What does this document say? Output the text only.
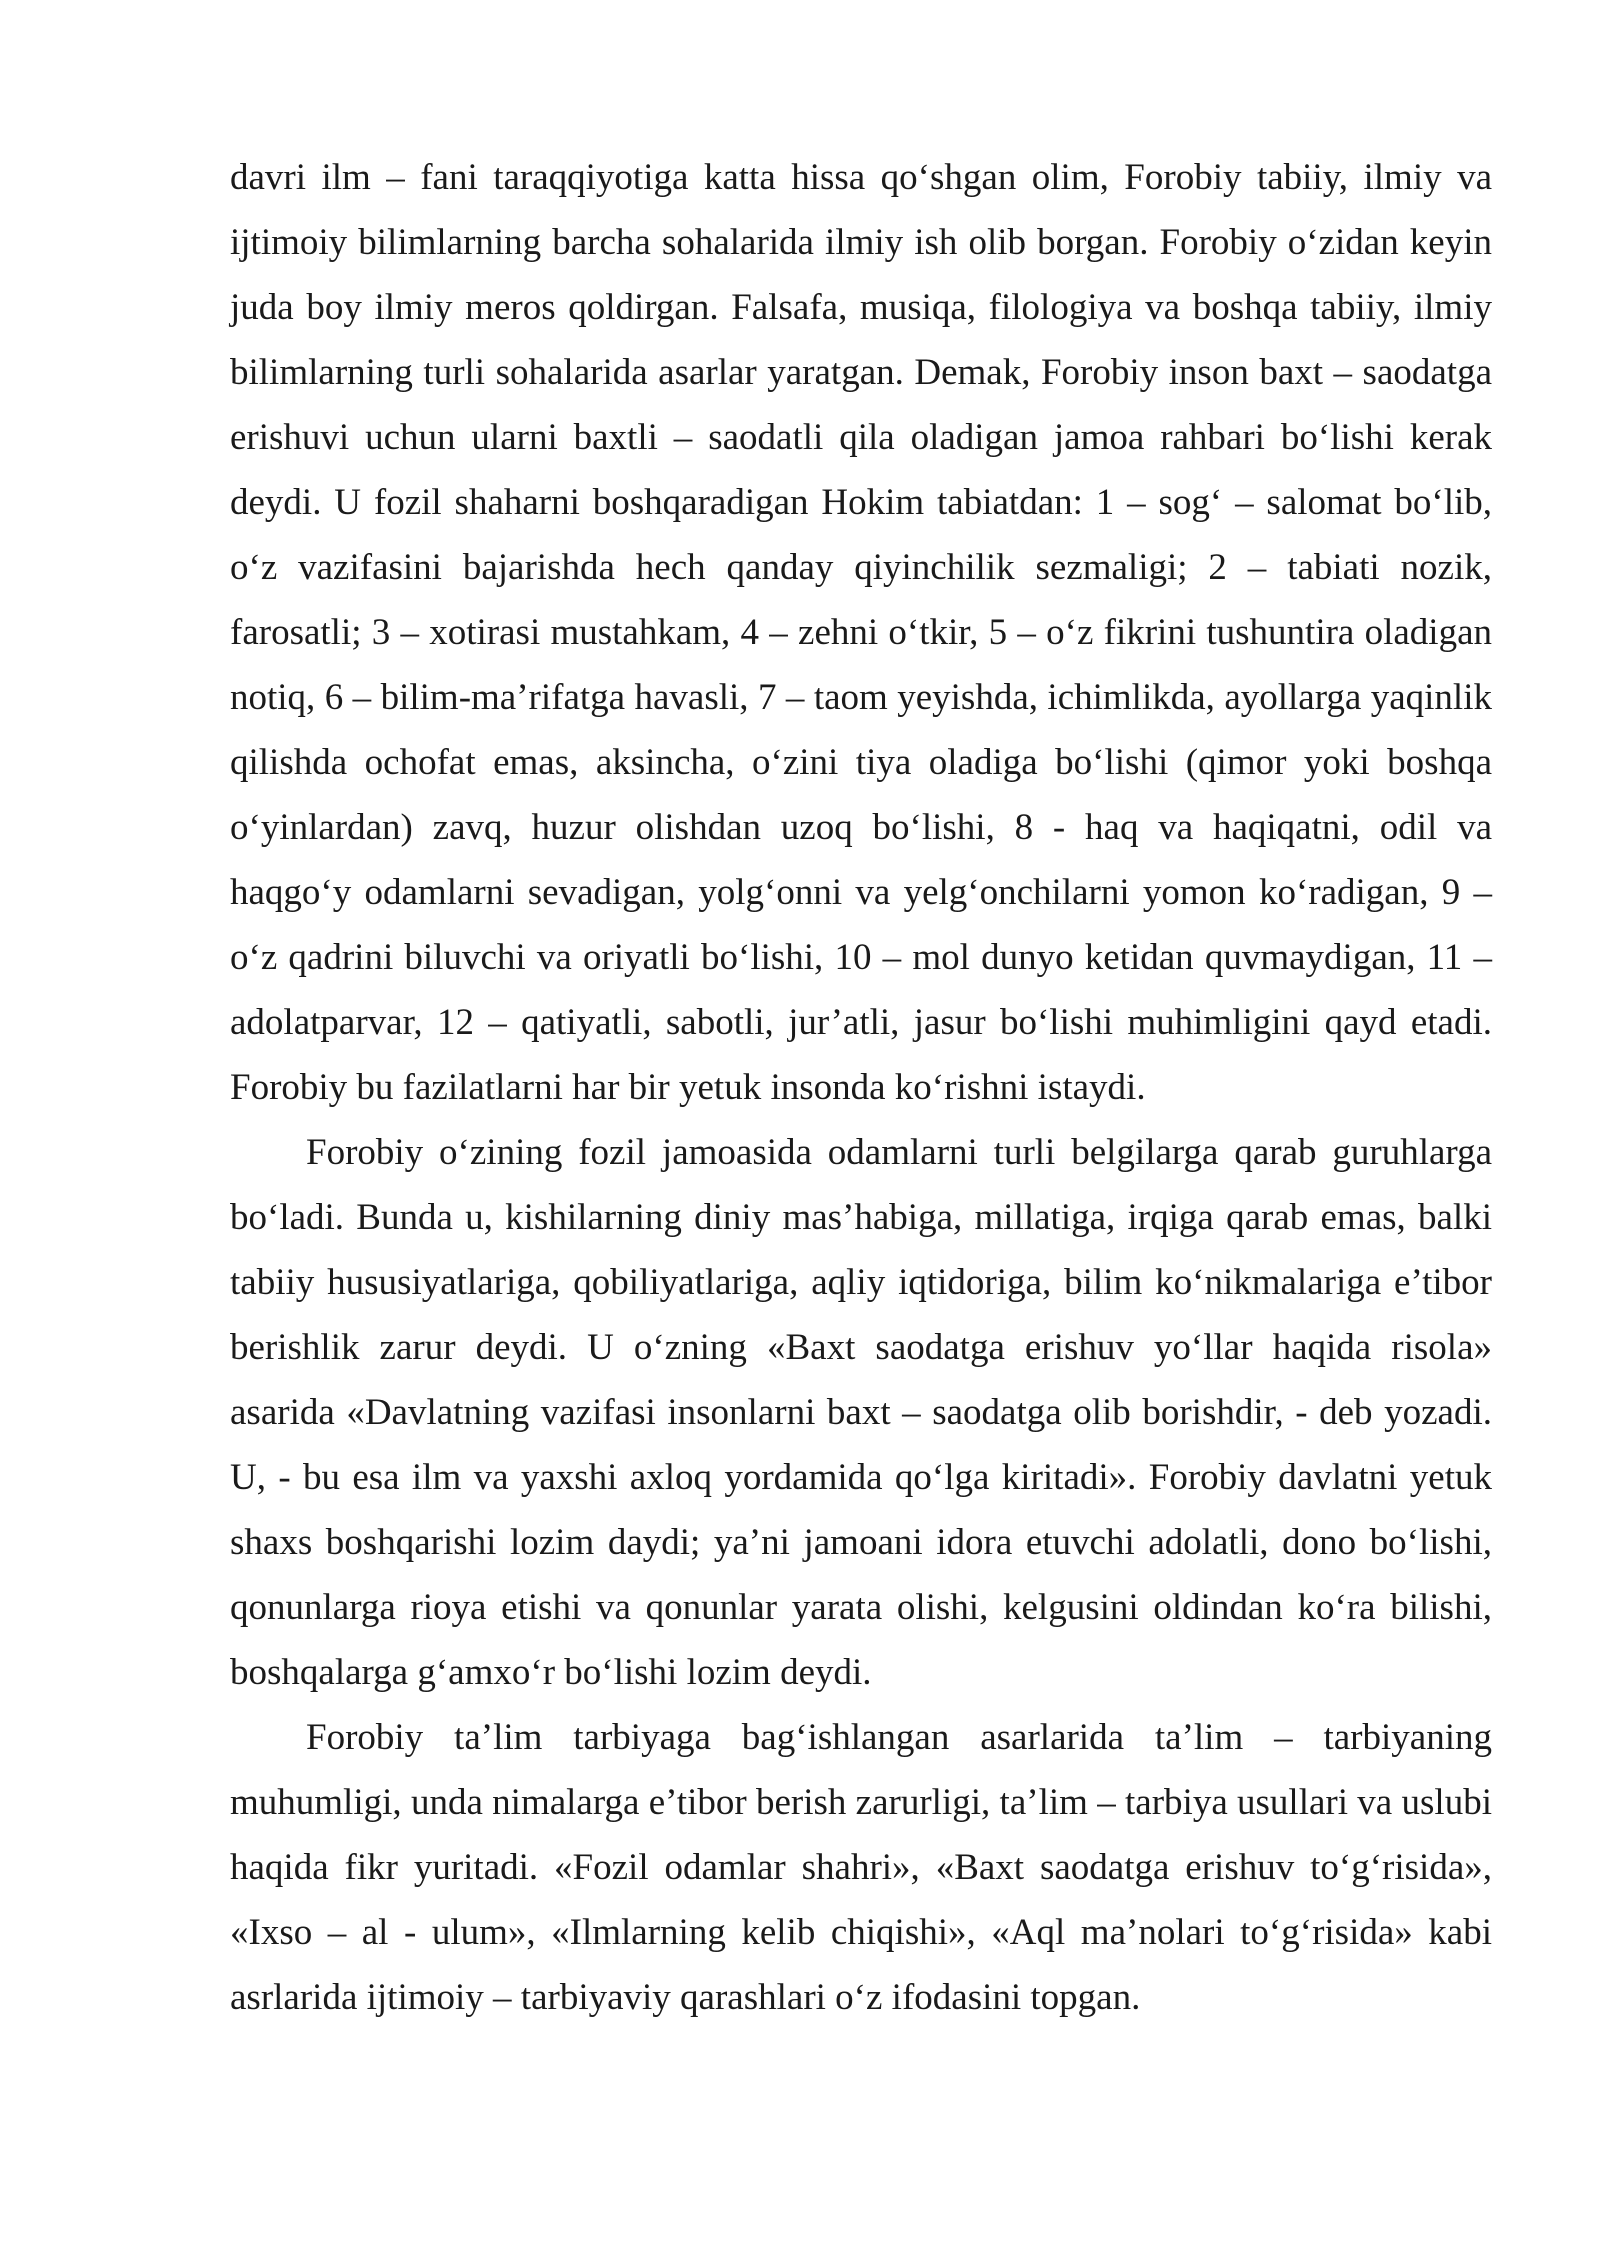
davri ilm – fani taraqqiyotiga katta hissa qo‘shgan olim, Forobiy tabiiy, ilmiy va ijtimoiy bilimlarning barcha sohalarida ilmiy ish olib borgan. Forobiy o‘zidan keyin juda boy ilmiy meros qoldirgan. Falsafa, musiqa, filologiya va boshqa tabiiy, ilmiy bilimlarning turli sohalarida asarlar yaratgan. Demak, Forobiy inson baxt – saodatga erishuvi uchun ularni baxtli – saodatli qila oladigan jamoa rahbari bo‘lishi kerak deydi. U fozil shaharni boshqaradigan Hokim tabiatdan: 1 – sog‘ – salomat bo‘lib, o‘z vazifasini bajarishda hech qanday qiyinchilik sezmaligi; 2 – tabiati nozik, farosatli; 3 – xotirasi mustahkam, 4 – zehni o‘tkir, 5 – o‘z fikrini tushuntira oladigan notiq, 6 – bilim-ma’rifatga havasli, 7 – taom yeyishda, ichimlikda, ayollarga yaqinlik qilishda ochofat emas, aksincha, o‘zini tiya oladiga bo‘lishi (qimor yoki boshqa o‘yinlardan) zavq, huzur olishdan uzoq bo‘lishi, 8 - haq va haqiqatni, odil va haqgo‘y odamlarni sevadigan, yolg‘onni va yelg‘onchilarni yomon ko‘radigan, 9 – o‘z qadrini biluvchi va oriyatli bo‘lishi, 10 – mol dunyo ketidan quvmaydigan, 11 – adolatparvar, 12 – qatiyatli, sabotli, jur’atli, jasur bo‘lishi muhimligini qayd etadi. Forobiy bu fazilatlarni har bir yetuk insonda ko‘rishni istaydi.

Forobiy o‘zining fozil jamoasida odamlarni turli belgilarga qarab guruhlarga bo‘ladi. Bunda u, kishilarning diniy mas’habiga, millatiga, irqiga qarab emas, balki tabiiy hususiyatlariga, qobiliyatlariga, aqliy iqtidoriga, bilim ko‘nikmalariga e’tibor berishlik zarur deydi. U o‘zning «Baxt saodatga erishuv yo‘llar haqida risola» asarida «Davlatning vazifasi insonlarni baxt – saodatga olib borishdir, - deb yozadi. U, - bu esa ilm va yaxshi axloq yordamida qo‘lga kiritadi». Forobiy davlatni yetuk shaxs boshqarishi lozim daydi; ya’ni jamoani idora etuvchi adolatli, dono bo‘lishi, qonunlarga rioya etishi va qonunlar yarata olishi, kelgusini oldindan ko‘ra bilishi, boshqalarga g‘amxo‘r bo‘lishi lozim deydi.

Forobiy ta’lim tarbiyaga bag‘ishlangan asarlarida ta’lim – tarbiyaning muhumligi, unda nimalarga e’tibor berish zarurligi, ta’lim – tarbiya usullari va uslubi haqida fikr yuritadi. «Fozil odamlar shahri», «Baxt saodatga erishuv to‘g‘risida», «Ixso – al - ulum», «Ilmlarning kelib chiqishi», «Aql ma’nolari to‘g‘risida» kabi asrlarida ijtimoiy – tarbiyaviy qarashlari o‘z ifodasini topgan.
